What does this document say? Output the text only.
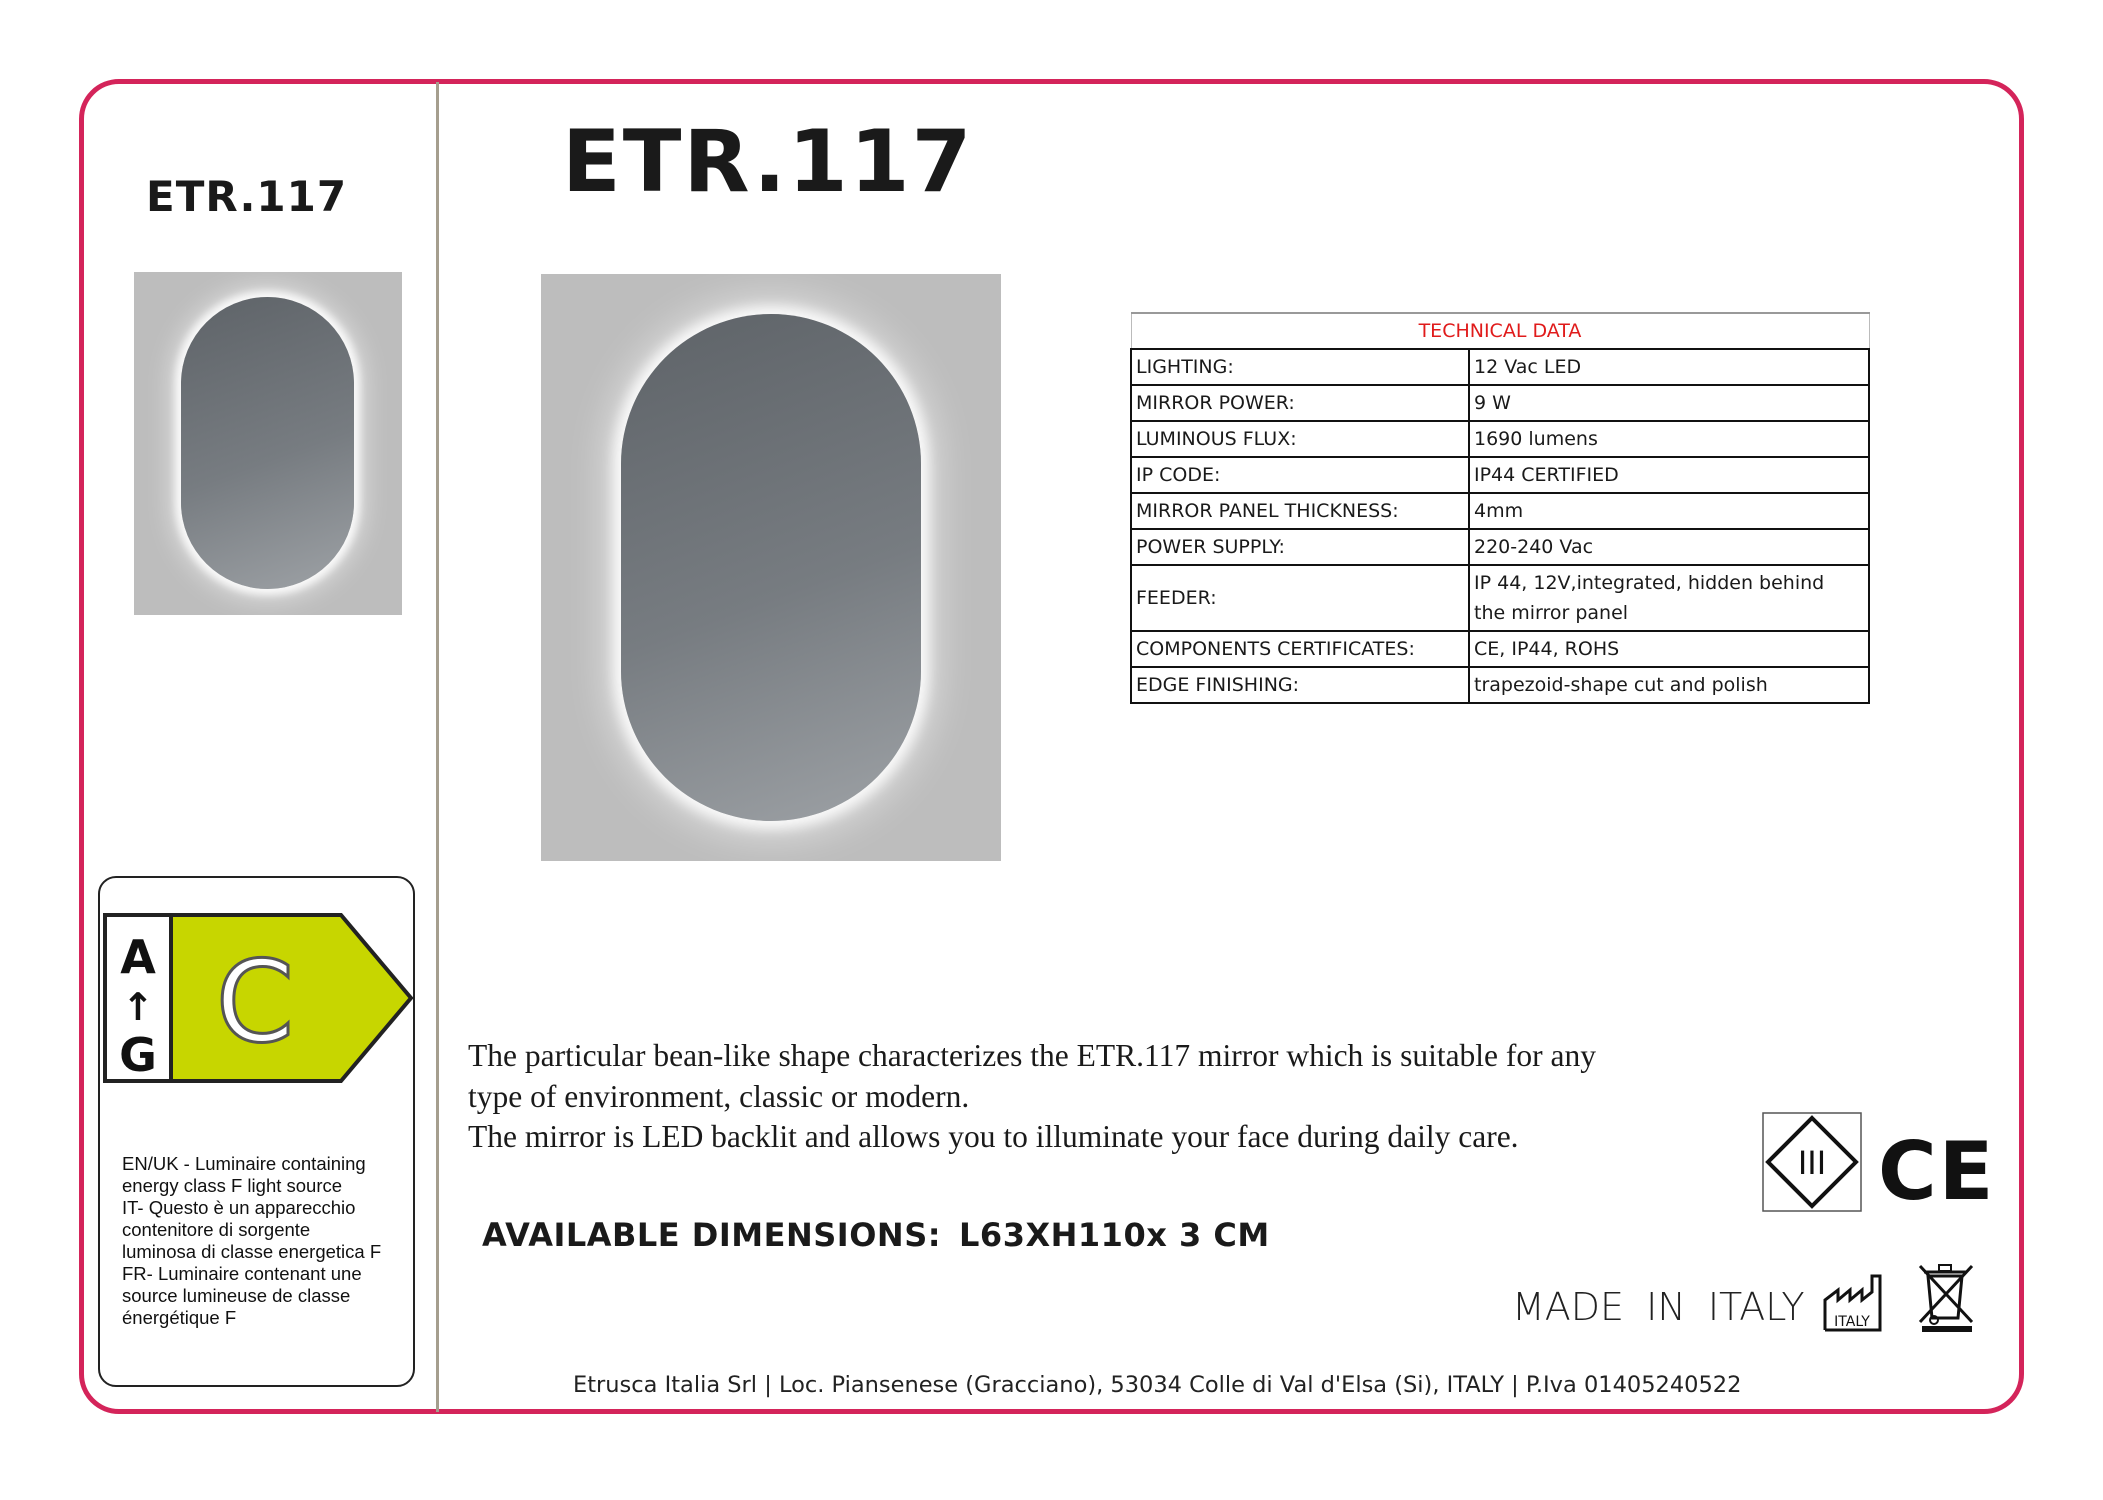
ETR.117 ETR.117
TECHNICAL DATA	
LIGHTING:	12 Vac LED
MIRROR POWER:	9 W
LUMINOUS FLUX:	1690 lumens
IP CODE:	IP44 CERTIFIED
MIRROR PANEL THICKNESS:	4mm
POWER SUPPLY:	220-240 Vac
FEEDER:	IP 44, 12V,integrated, hidden behind
the mirror panel

COMPONENTS CERTIFICATES:	CE, IP44, ROHS
EDGE FINISHING:	trapezoid-shape cut and polish
A
↑
G C
EN/UK - Luminaire containing
energy class F light source
IT- Questo è un apparecchio
contenitore di sorgente
luminosa di classe energetica F
FR- Luminaire contenant une
source lumineuse de classe
énergétique F
The particular bean-like shape characterizes the ETR.117 mirror which is suitable for any
type of environment, classic or modern.
The mirror is LED backlit and allows you to illuminate your face during daily care.
AVAILABLE DIMENSIONS: L63XH110x 3 CM
III CE
MADE IN ITALY ITALY
Etrusca Italia Srl | Loc. Piansenese (Gracciano), 53034 Colle di Val d'Elsa (Si), ITALY | P.Iva 01405240522
